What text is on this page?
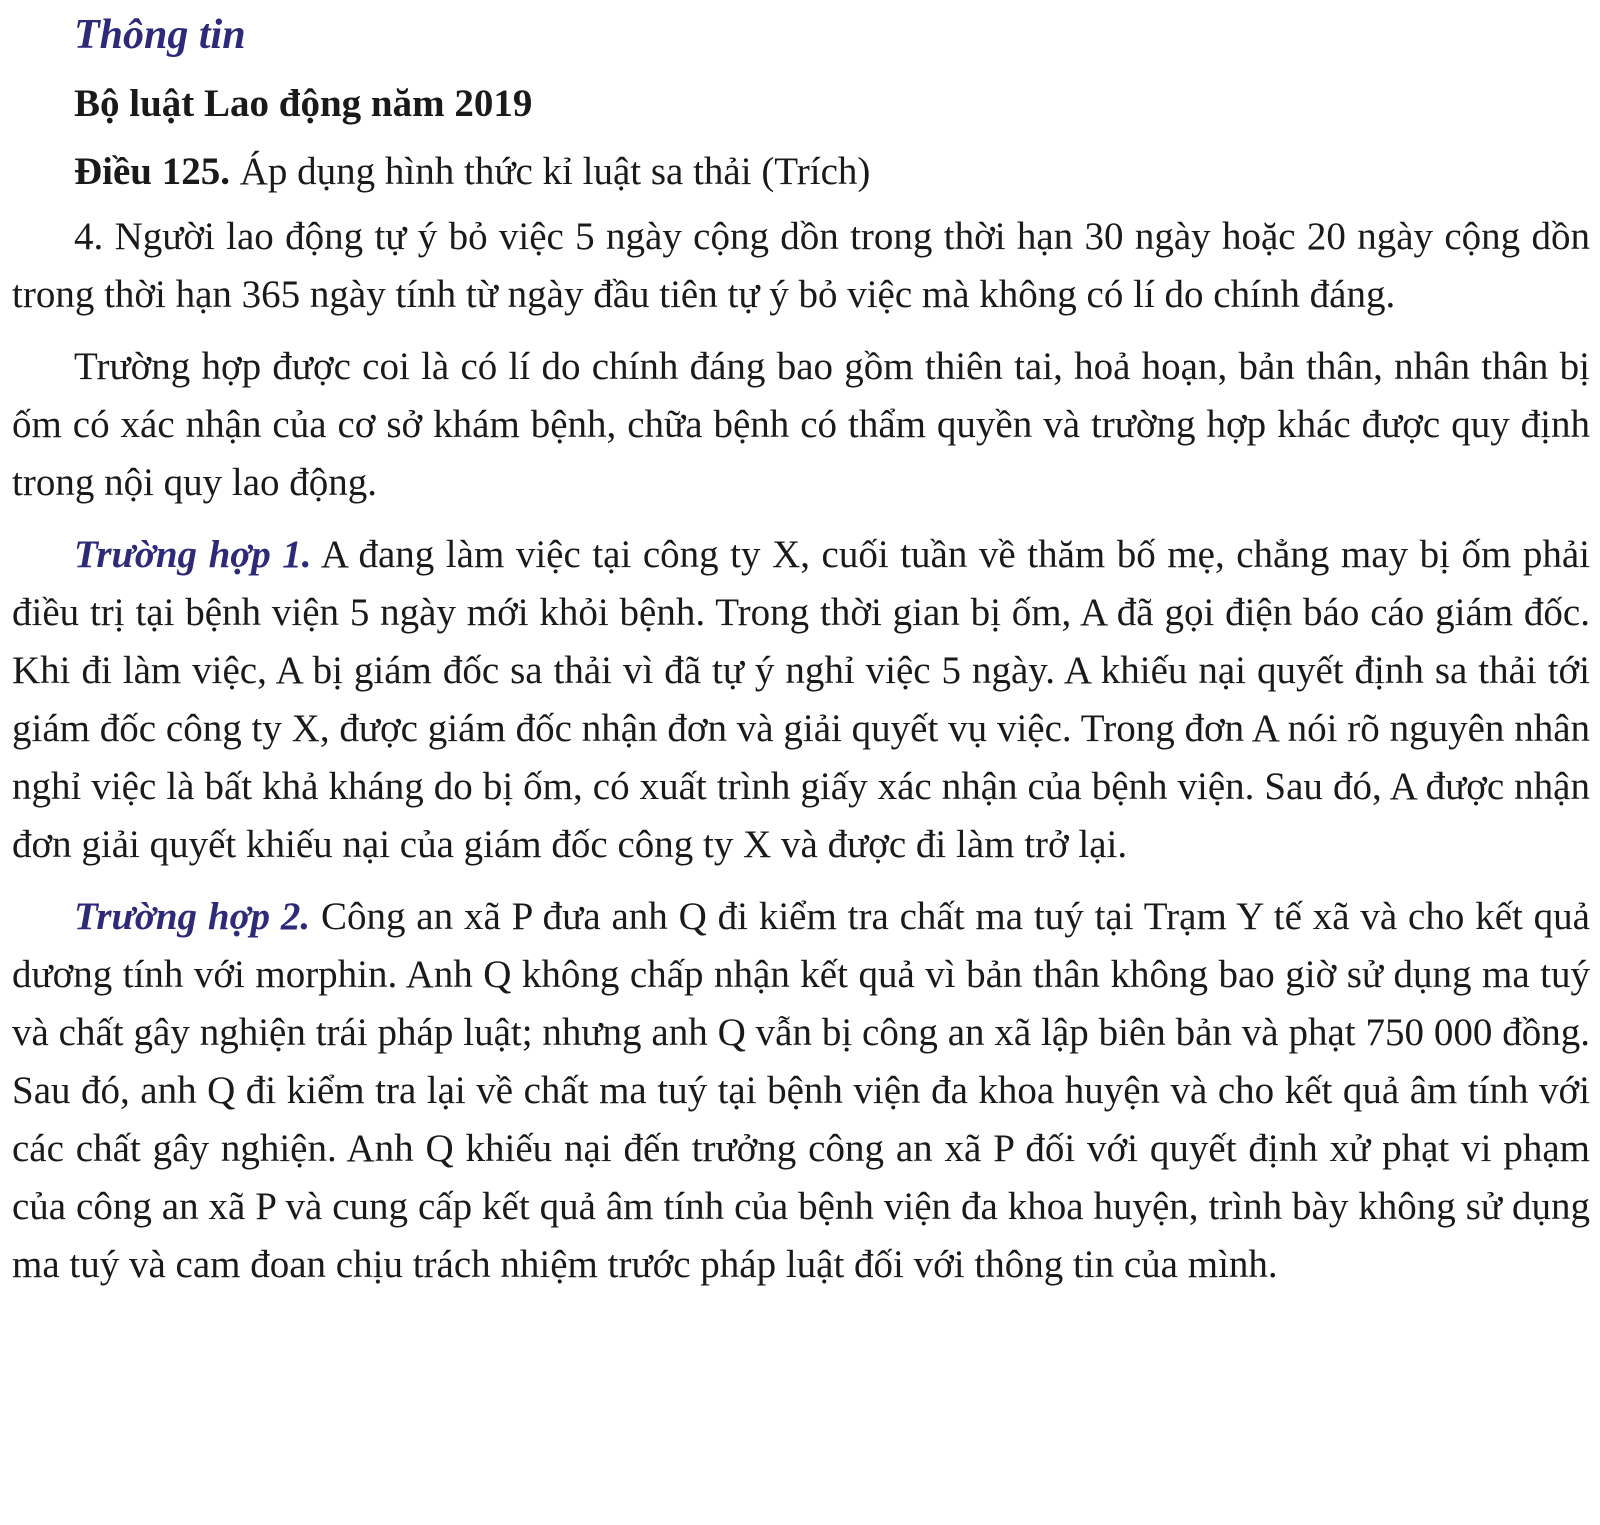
Thông tin
Bộ luật Lao động năm 2019
Điều 125. Áp dụng hình thức kỉ luật sa thải (Trích)

4. Người lao động tự ý bỏ việc 5 ngày cộng dồn trong thời hạn 30 ngày hoặc 20 ngày cộng dồn trong thời hạn 365 ngày tính từ ngày đầu tiên tự ý bỏ việc mà không có lí do chính đáng.

Trường hợp được coi là có lí do chính đáng bao gồm thiên tai, hoả hoạn, bản thân, nhân thân bị ốm có xác nhận của cơ sở khám bệnh, chữa bệnh có thẩm quyền và trường hợp khác được quy định trong nội quy lao động.

Trường hợp 1. A đang làm việc tại công ty X, cuối tuần về thăm bố mẹ, chẳng may bị ốm phải điều trị tại bệnh viện 5 ngày mới khỏi bệnh. Trong thời gian bị ốm, A đã gọi điện báo cáo giám đốc. Khi đi làm việc, A bị giám đốc sa thải vì đã tự ý nghỉ việc 5 ngày. A khiếu nại quyết định sa thải tới giám đốc công ty X, được giám đốc nhận đơn và giải quyết vụ việc. Trong đơn A nói rõ nguyên nhân nghỉ việc là bất khả kháng do bị ốm, có xuất trình giấy xác nhận của bệnh viện. Sau đó, A được nhận đơn giải quyết khiếu nại của giám đốc công ty X và được đi làm trở lại.

Trường hợp 2. Công an xã P đưa anh Q đi kiểm tra chất ma tuý tại Trạm Y tế xã và cho kết quả dương tính với morphin. Anh Q không chấp nhận kết quả vì bản thân không bao giờ sử dụng ma tuý và chất gây nghiện trái pháp luật; nhưng anh Q vẫn bị công an xã lập biên bản và phạt 750 000 đồng. Sau đó, anh Q đi kiểm tra lại về chất ma tuý tại bệnh viện đa khoa huyện và cho kết quả âm tính với các chất gây nghiện. Anh Q khiếu nại đến trưởng công an xã P đối với quyết định xử phạt vi phạm của công an xã P và cung cấp kết quả âm tính của bệnh viện đa khoa huyện, trình bày không sử dụng ma tuý và cam đoan chịu trách nhiệm trước pháp luật đối với thông tin của mình.
